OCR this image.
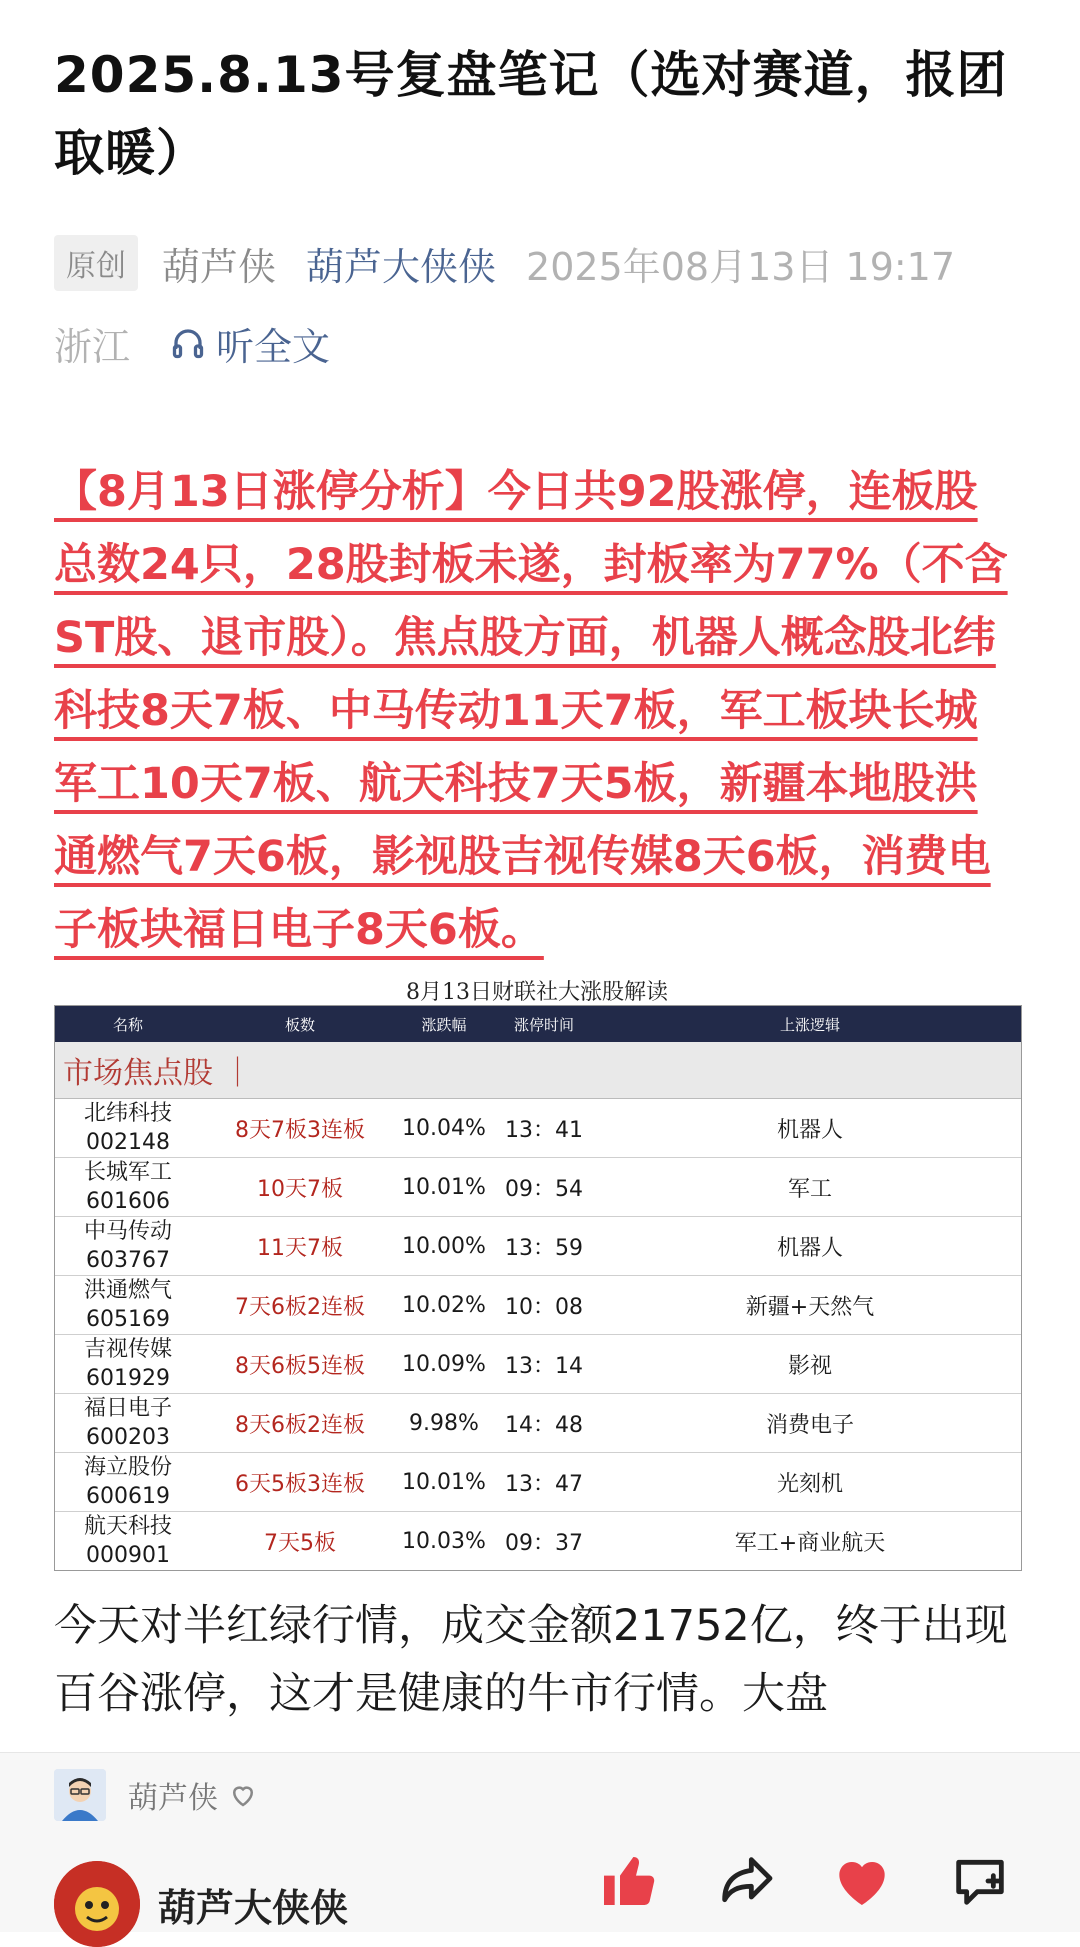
2025.8.13号复盘笔记（选对赛道，报团取暖）
原创 葫芦侠 葫芦大侠侠 2025年08月13日 19:17
浙江 听全文

【8月13日涨停分析】今日共92股涨停，连板股总数24只，28股封板未遂，封板率为77%（不含ST股、退市股）。焦点股方面，机器人概念股北纬科技8天7板、中马传动11天7板，军工板块长城军工10天7板、航天科技7天5板，新疆本地股洪通燃气7天6板，影视股吉视传媒8天6板，消费电子板块福日电子8天6板。

8月13日财联社大涨股解读
名称	板数	涨跌幅	涨停时间	上涨逻辑
市场焦点股 ｜
北纬科技
002148	8天7板3连板	10.04% 13：41	机器人
长城军工
601606	10天7板	10.01% 09：54	军工
中马传动
603767	11天7板	10.00% 13：59	机器人
洪通燃气
605169	7天6板2连板	10.02% 10：08	新疆+天然气
吉视传媒
601929	8天6板5连板	10.09% 13：14	影视
福日电子
600203	8天6板2连板	9.98%	14：48	消费电子
海立股份
600619	6天5板3连板	10.01% 13：47	光刻机
航天科技
000901	7天5板	10.03% 09：37	军工+商业航天

今天对半红绿行情，成交金额21752亿，终于出现百谷涨停，这才是健康的牛市行情。大盘

葫芦侠
葫芦大侠侠
